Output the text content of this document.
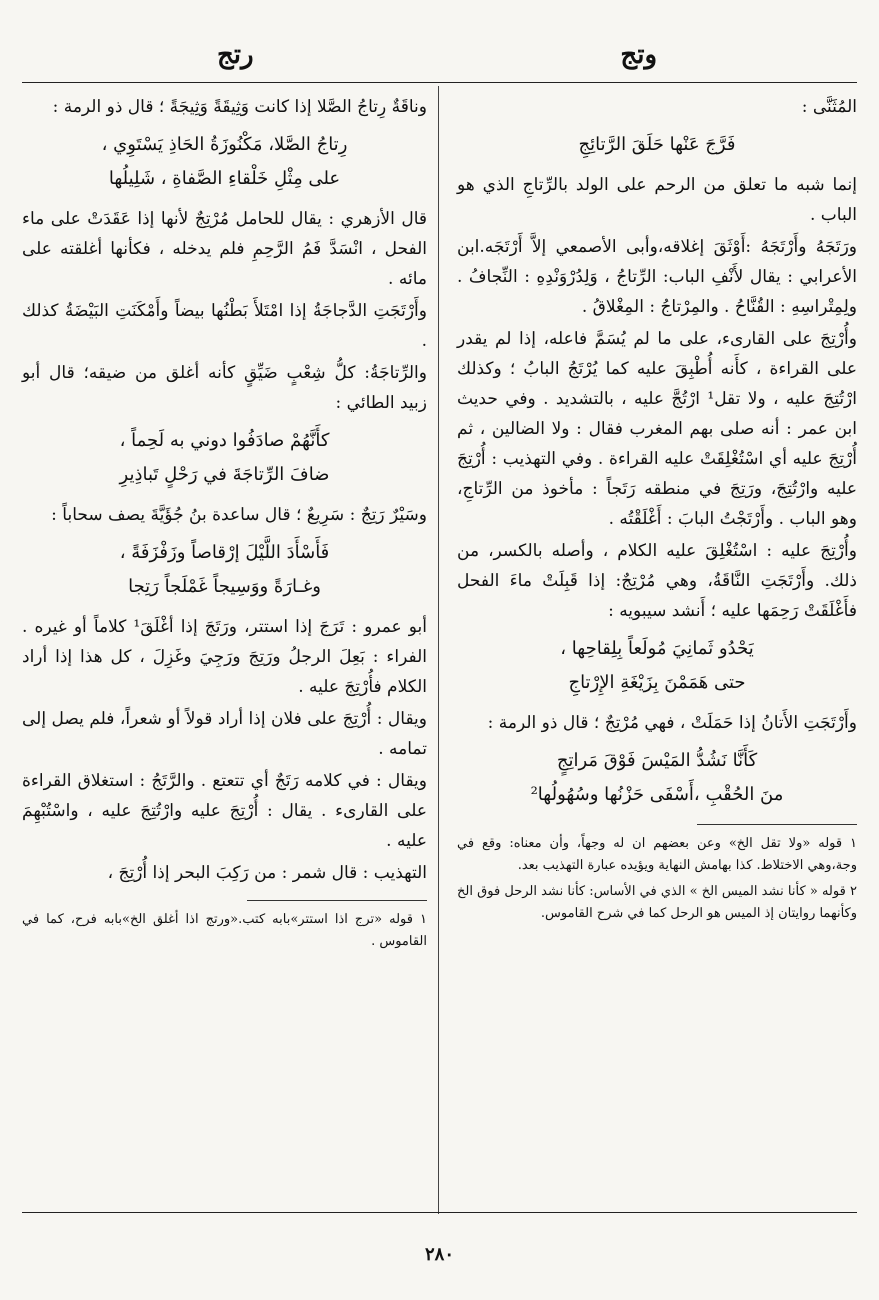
وتج
رتج

المُثَنَّى :

فَرَّجَ عَنْها حَلَقَ الرَّتائِجِ

إنما شبه ما تعلق من الرحم على الولد بالرِّتاجِ الذي هو الباب .

ورَتَجَهُ وأَرْتَجَهُ :أَوْثَقَ إغلاقه،وأبى الأصمعي إلاَّ أَرْتَجَه.ابن الأعرابي : يقال لأَنْفِ الباب: الرِّتاجُ ، وَلِدُرْوَنْدِهِ : النِّجافُ . ولِمِتْراسِهِ : القُنَّاحُ . والمِرْتاجُ : المِغْلاقُ .

وأُرْتِجَ على القارىء، على ما لم يُسَمَّ فاعله، إذا لم يقدر على القراءة ، كأَنه أُطْبِقَ عليه كما يُرْتَجُ البابُ ؛ وكذلك ارْتُتِجَ عليه ، ولا تقل¹ ارْتُجَّ عليه ، بالتشديد . وفي حديث ابن عمر : أنه صلى بهم المغرب فقال : ولا الضالين ، ثم أُرْتِجَ عليه أي اسْتُغْلِقَتْ عليه القراءة . وفي التهذيب : أُرْتِجَ عليه وارْتُتِجَ، ورَتِجَ في منطقه رَتَجاً : مأخوذ من الرِّتاجِ، وهو الباب . وأَرْتَجْتُ البابَ : أَغْلَقْتُه .

وأُرْتِجَ عليه : اسْتُغْلِقَ عليه الكلام ، وأصله بالكسر، من ذلك. وأَرْتَجَتِ النَّاقَةُ، وهي مُرْتِجٌ: إذا قَبِلَتْ ماءَ الفحل فأَغْلَقَتْ رَحِمَها عليه ؛ أَنشد سيبويه :

يَحْدُو ثَمانِيَ مُولَعاً بِلِقاحِها ،
حتى هَمَمْنَ بِزَيْغَةِ الإِرْتاجِ

وأَرْتَجَتِ الأَتانُ إذا حَمَلَتْ ، فهي مُرْتِجٌ ؛ قال ذو الرمة :

كَأَنَّا نَشُدُّ المَيْسَ فَوْقَ مَراتِجٍ
منَ الحُقْبِ ،أَسْفَى حَزْنُها وسُهُولُها²

١ قوله «ولا تقل الخ» وعن بعضهم ان له وجهاً، وأن معناه: وقع في وجة،وهي الاختلاط. كذا بهامش النهاية ويؤيده عبارة التهذيب بعد.

٢ قوله « كأنا نشد الميس الخ » الذي في الأساس: كأنا نشد الرحل فوق الخ وكأنهما روايتان إذ الميس هو الرحل كما في شرح القاموس.

وناقَةٌ رِتاجُ الصَّلا إذا كانت وَثِيقَةً وَثِيجَةً ؛ قال ذو الرمة :

رِتاجُ الصَّلا، مَكْنُوزَةُ الحَاذِ يَسْتَوِي ،
على مِثْلِ خَلْقاءِ الصَّفاةِ ، شَلِيلُها

قال الأزهري : يقال للحامل مُرْتِجٌ لأنها إذا عَقَدَتْ على ماء الفحل ، انْسَدَّ فَمُ الرَّحِمِ فلم يدخله ، فكأنها أغلقته على مائه .

وأَرْتَجَتِ الدَّجاجَةُ إذا امْتَلأَ بَطْنُها بيضاً وأَمْكَنَتِ البَيْضَةُ كذلك .

والرِّتاجَةُ: كلُّ شِعْبٍ ضَيِّقٍ كأنه أغلق من ضيقه؛ قال أبو زبيد الطائي :

كأَنَّهُمْ صادَفُوا دوني به لَحِماً ،
ضافَ الرِّتاجَةَ في رَحْلٍ تَباذِيرِ

وسَيْرٌ رَتِجٌ : سَرِيعٌ ؛ قال ساعدة بنُ جُؤَيَّةَ يصف سحاباً :

فَأَسْأَدَ اللَّيْلَ إرْقاصاً وزَفْزَفَةً ،
وغـارَةً ووَسِيجاً غَمْلَجاً رَتِجا

أبو عمرو : تَرَجَ إذا استتر، ورَتَجَ إذا أغْلَقَ¹ كلاماً أو غيره . الفراء : بَعِلَ الرجلُ ورَتِجَ ورَجِيَ وغَزِلَ ، كل هذا إذا أراد الكلام فأُرْتِجَ عليه .

ويقال : أُرْتِجَ على فلان إذا أراد قولاً أو شعراً، فلم يصل إلى تمامه .

ويقال : في كلامه رَتَجٌ أي تتعتع . والرَّتَجُ : استغلاق القراءة على القارىء . يقال : أُرْتِجَ عليه وارْتُتِجَ عليه ، واسْتُبْهِمَ عليه .

التهذيب : قال شمر : من رَكِبَ البحر إذا أُرْتِجَ ،

١ قوله «ترج اذا استتر»بابه كتب.«ورتج اذا أغلق الخ»بابه فرح، كما في القاموس .

٢٨٠
